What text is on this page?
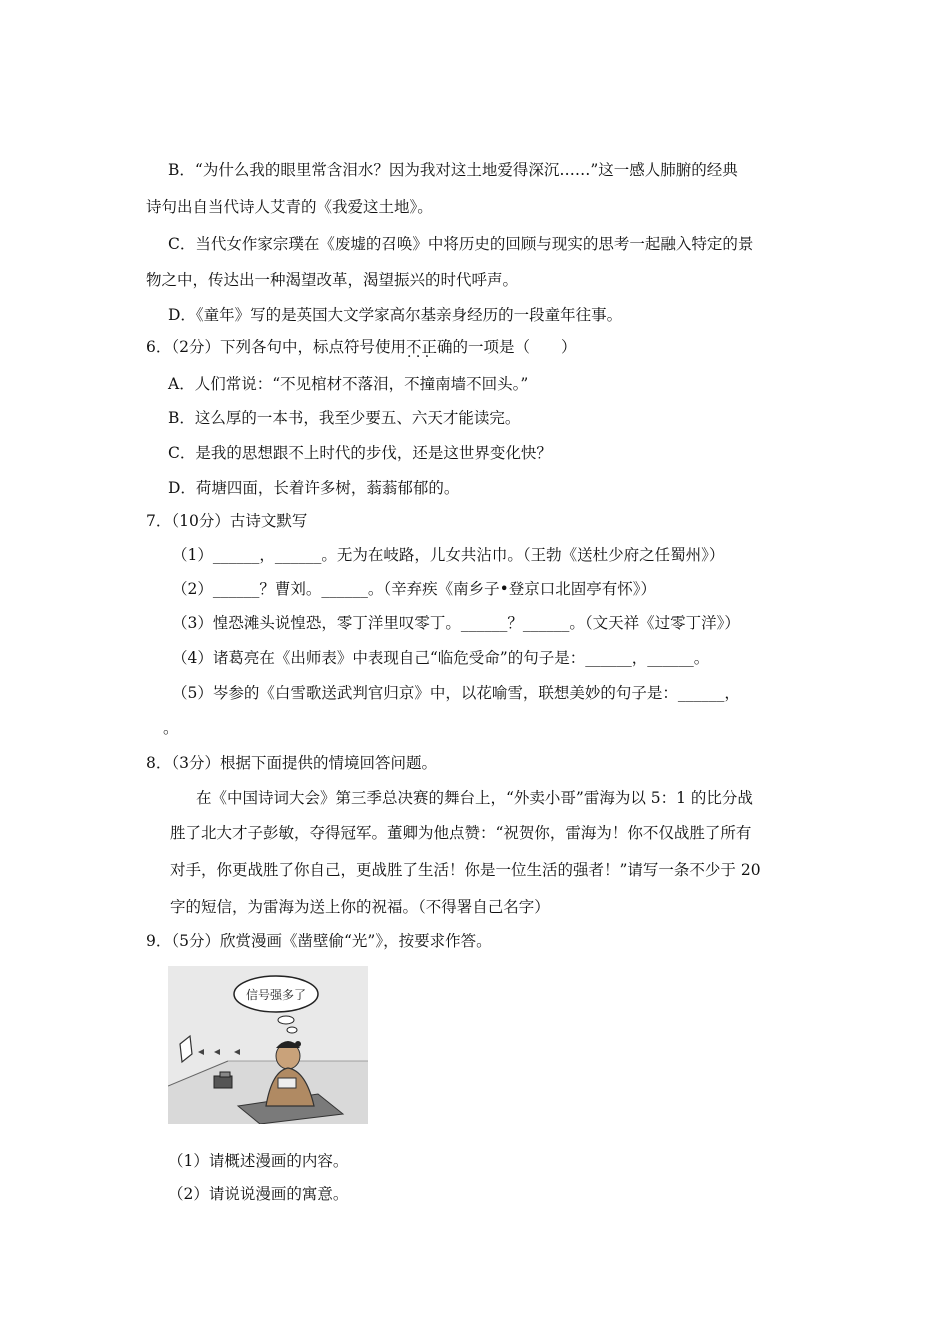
B．“为什么我的眼里常含泪水？因为我对这土地爱得深沉……”这一感人肺腑的经典
诗句出自当代诗人艾青的《我爱这土地》。
C．当代女作家宗璞在《废墟的召唤》中将历史的回顾与现实的思考一起融入特定的景
物之中，传达出一种渴望改革，渴望振兴的时代呼声。
D．《童年》写的是英国大文学家高尔基亲身经历的一段童年往事。
6．（2分）下列各句中，标点符号使用不正确 · · ·的一项是（　　）
A．人们常说：“不见棺材不落泪，不撞南墙不回头。”
B．这么厚的一本书，我至少要五、六天才能读完。
C．是我的思想跟不上时代的步伐，还是这世界变化快？
D．荷塘四面，长着许多树，蓊蓊郁郁的。
7．（10分）古诗文默写
（1）______，______。无为在岐路，儿女共沾巾。（王勃《送杜少府之任蜀州》）
（2）______？曹刘。______。（辛弃疾《南乡子•登京口北固亭有怀》）
（3）惶恐滩头说惶恐，零丁洋里叹零丁。______？______。（文天祥《过零丁洋》）
（4）诸葛亮在《出师表》中表现自己“临危受命”的句子是：______，______。
（5）岑参的《白雪歌送武判官归京》中，以花喻雪，联想美妙的句子是：______，
。
8．（3分）根据下面提供的情境回答问题。
在《中国诗词大会》第三季总决赛的舞台上，“外卖小哥”雷海为以 5：1 的比分战
胜了北大才子彭敏，夺得冠军。董卿为他点赞：“祝贺你，雷海为！你不仅战胜了所有
对手，你更战胜了你自己，更战胜了生活！你是一位生活的强者！”请写一条不少于 20
字的短信，为雷海为送上你的祝福。（不得署自己名字）
9．（5分）欣赏漫画《凿壁偷“光”》，按要求作答。
信号强多了
（1）请概述漫画的内容。
（2）请说说漫画的寓意。
